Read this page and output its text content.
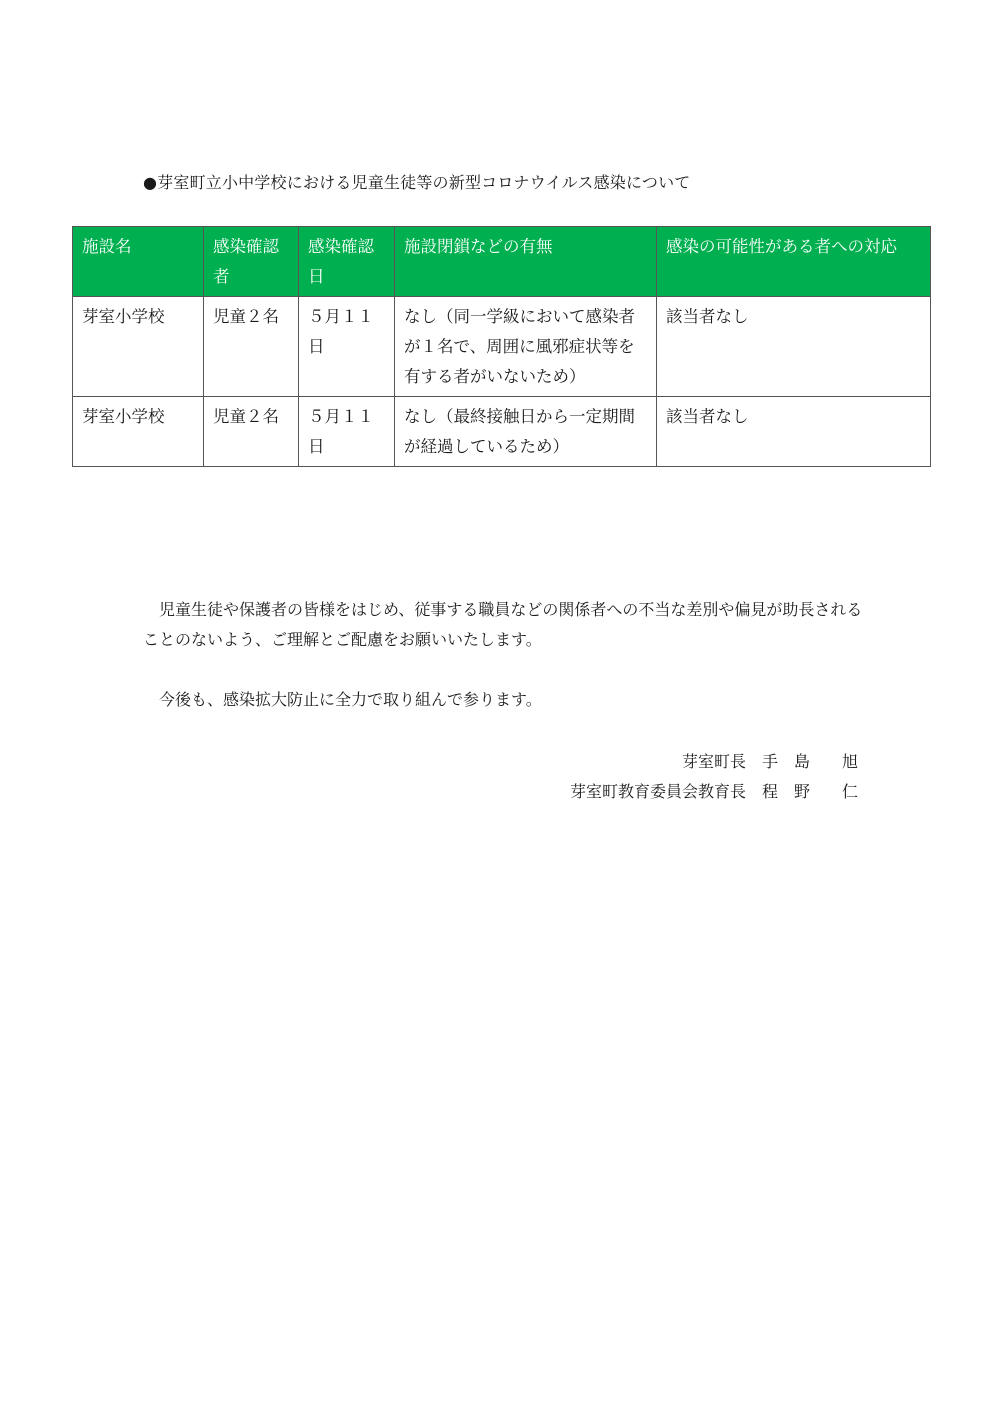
●芽室町立小中学校における児童生徒等の新型コロナウイルス感染について
施設名	感染確認者	感染確認日	施設閉鎖などの有無	感染の可能性がある者への対応
芽室小学校	児童２名	５月１１日	なし（同一学級において感染者が１名で、周囲に風邪症状等を有する者がいないため）	該当者なし
芽室小学校	児童２名	５月１１日	なし（最終接触日から一定期間が経過しているため）	該当者なし
　児童生徒や保護者の皆様をはじめ、従事する職員などの関係者への不当な差別や偏見が助長されることのないよう、ご理解とご配慮をお願いいたします。
　今後も、感染拡大防止に全力で取り組んで参ります。
芽室町長　手　島　　旭
芽室町教育委員会教育長　程　野　　仁
